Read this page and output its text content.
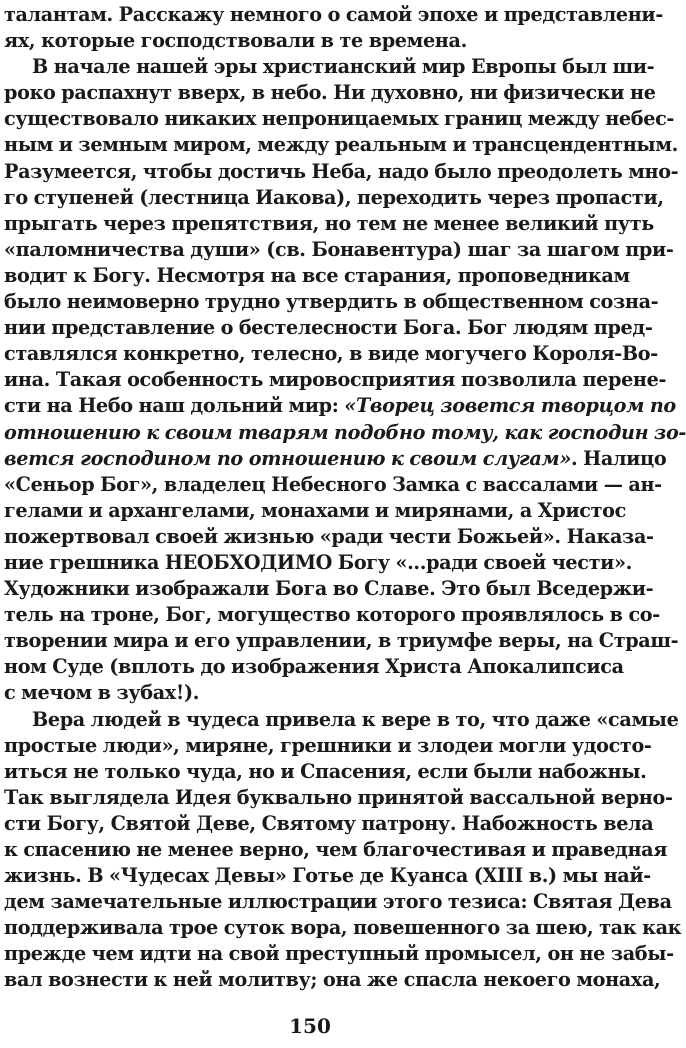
талантам. Расскажу немного о самой эпохе и представлени-
ях, которые господствовали в те времена.
В начале нашей эры христианский мир Европы был ши-
роко распахнут вверх, в небо. Ни духовно, ни физически не
существовало никаких непроницаемых границ между небес-
ным и земным миром, между реальным и трансцендентным.
Разумеется, чтобы достичь Неба, надо было преодолеть мно-
го ступеней (лестница Иакова), переходить через пропасти,
прыгать через препятствия, но тем не менее великий путь
«паломничества души» (св. Бонавентура) шаг за шагом при-
водит к Богу. Несмотря на все старания, проповедникам
было неимоверно трудно утвердить в общественном созна-
нии представление о бестелесности Бога. Бог людям пред-
ставлялся конкретно, телесно, в виде могучего Короля-Во-
ина. Такая особенность мировосприятия позволила перене-
сти на Небо наш дольний мир: «Творец зовется творцом по
отношению к своим тварям подобно тому, как господин зо-
вется господином по отношению к своим слугам». Налицо
«Сеньор Бог», владелец Небесного Замка с вассалами — ан-
гелами и архангелами, монахами и мирянами, а Христос
пожертвовал своей жизнью «ради чести Божьей». Наказа-
ние грешника НЕОБХОДИМО Богу «...ради своей чести».
Художники изображали Бога во Славе. Это был Вседержи-
тель на троне, Бог, могущество которого проявлялось в со-
творении мира и его управлении, в триумфе веры, на Страш-
ном Суде (вплоть до изображения Христа Апокалипсиса
с мечом в зубах!).
Вера людей в чудеса привела к вере в то, что даже «самые
простые люди», миряне, грешники и злодеи могли удосто-
иться не только чуда, но и Спасения, если были набожны.
Так выглядела Идея буквально принятой вассальной верно-
сти Богу, Святой Деве, Святому патрону. Набожность вела
к спасению не менее верно, чем благочестивая и праведная
жизнь. В «Чудесах Девы» Готье де Куанса (XIII в.) мы най-
дем замечательные иллюстрации этого тезиса: Святая Дева
поддерживала трое суток вора, повешенного за шею, так как
прежде чем идти на свой преступный промысел, он не забы-
вал вознести к ней молитву; она же спасла некоего монаха,
150
